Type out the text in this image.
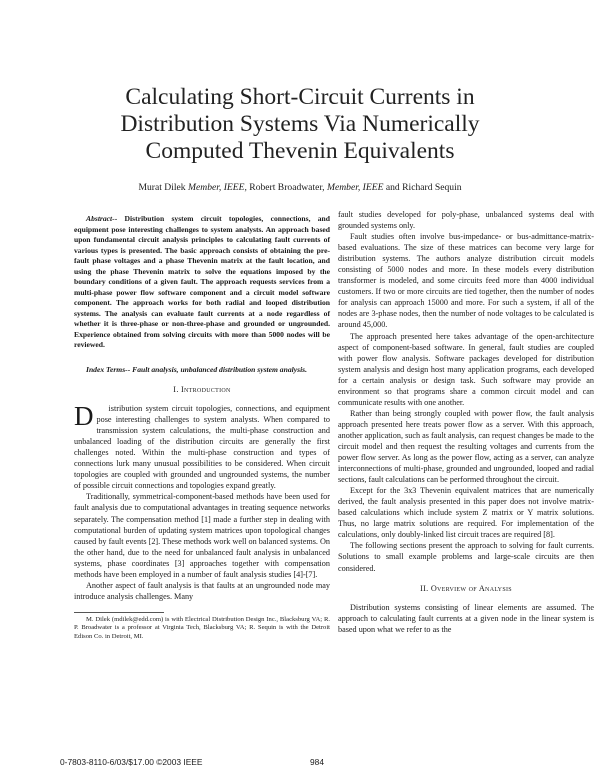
Calculating Short-Circuit Currents in
Distribution Systems Via Numerically
Computed Thevenin Equivalents
Murat Dilek Member, IEEE, Robert Broadwater, Member, IEEE and Richard Sequin

Abstract-- Distribution system circuit topologies, connections, and equipment pose interesting challenges to system analysts. An approach based upon fundamental circuit analysis principles to calculating fault currents of various types is presented. The basic approach consists of obtaining the pre-fault phase voltages and a phase Thevenin matrix at the fault location, and using the phase Thevenin matrix to solve the equations imposed by the boundary conditions of a given fault. The approach requests services from a multi-phase power flow software component and a circuit model software component. The approach works for both radial and looped distribution systems. The analysis can evaluate fault currents at a node regardless of whether it is three-phase or non-three-phase and grounded or ungrounded. Experience obtained from solving circuits with more than 5000 nodes will be reviewed.

Index Terms-- Fault analysis, unbalanced distribution system analysis.

I. Introduction

D istribution system circuit topologies, connections, and equipment pose interesting challenges to system analysts. When compared to transmission system calculations, the multi-phase construction and unbalanced loading of the distribution circuits are generally the first challenges noted. Within the multi-phase construction and types of connections lurk many unusual possibilities to be considered. When circuit topologies are coupled with grounded and ungrounded systems, the number of possible circuit connections and topologies expand greatly.

Traditionally, symmetrical-component-based methods have been used for fault analysis due to computational advantages in treating sequence networks separately. The compensation method [1] made a further step in dealing with computational burden of updating system matrices upon topological changes caused by fault events [2]. These methods work well on balanced systems. On the other hand, due to the need for unbalanced fault analysis in unbalanced systems, phase coordinates [3] approaches together with compensation methods have been employed in a number of fault analysis studies [4]-[7].

Another aspect of fault analysis is that faults at an ungrounded node may introduce analysis challenges. Many

M. Dilek (mdilek@edd.com) is with Electrical Distribution Design Inc., Blacksburg VA; R. P. Broadwater is a professor at Virginia Tech, Blacksburg VA; R. Sequin is with the Detroit Edison Co. in Detroit, MI.

fault studies developed for poly-phase, unbalanced systems deal with grounded systems only.

Fault studies often involve bus-impedance- or bus-admittance-matrix-based evaluations. The size of these matrices can become very large for distribution systems. The authors analyze distribution circuit models consisting of 5000 nodes and more. In these models every distribution transformer is modeled, and some circuits feed more than 4000 individual customers. If two or more circuits are tied together, then the number of nodes for analysis can approach 15000 and more. For such a system, if all of the nodes are 3-phase nodes, then the number of node voltages to be calculated is around 45,000.

The approach presented here takes advantage of the open-architecture aspect of component-based software. In general, fault studies are coupled with power flow analysis. Software packages developed for distribution system analysis and design host many application programs, each developed for a certain analysis or design task. Such software may provide an environment so that programs share a common circuit model and can communicate results with one another.

Rather than being strongly coupled with power flow, the fault analysis approach presented here treats power flow as a server. With this approach, another application, such as fault analysis, can request changes be made to the circuit model and then request the resulting voltages and currents from the power flow server. As long as the power flow, acting as a server, can analyze interconnections of multi-phase, grounded and ungrounded, looped and radial sections, fault calculations can be performed throughout the circuit.

Except for the 3x3 Thevenin equivalent matrices that are numerically derived, the fault analysis presented in this paper does not involve matrix-based calculations which include system Z matrix or Y matrix solutions. Thus, no large matrix solutions are required. For implementation of the calculations, only doubly-linked list circuit traces are required [8].

The following sections present the approach to solving for fault currents. Solutions to small example problems and large-scale circuits are then considered.

II. Overview of Analysis

Distribution systems consisting of linear elements are assumed. The approach to calculating fault currents at a given node in the linear system is based upon what we refer to as the

0-7803-8110-6/03/$17.00 ©2003 IEEE	984
